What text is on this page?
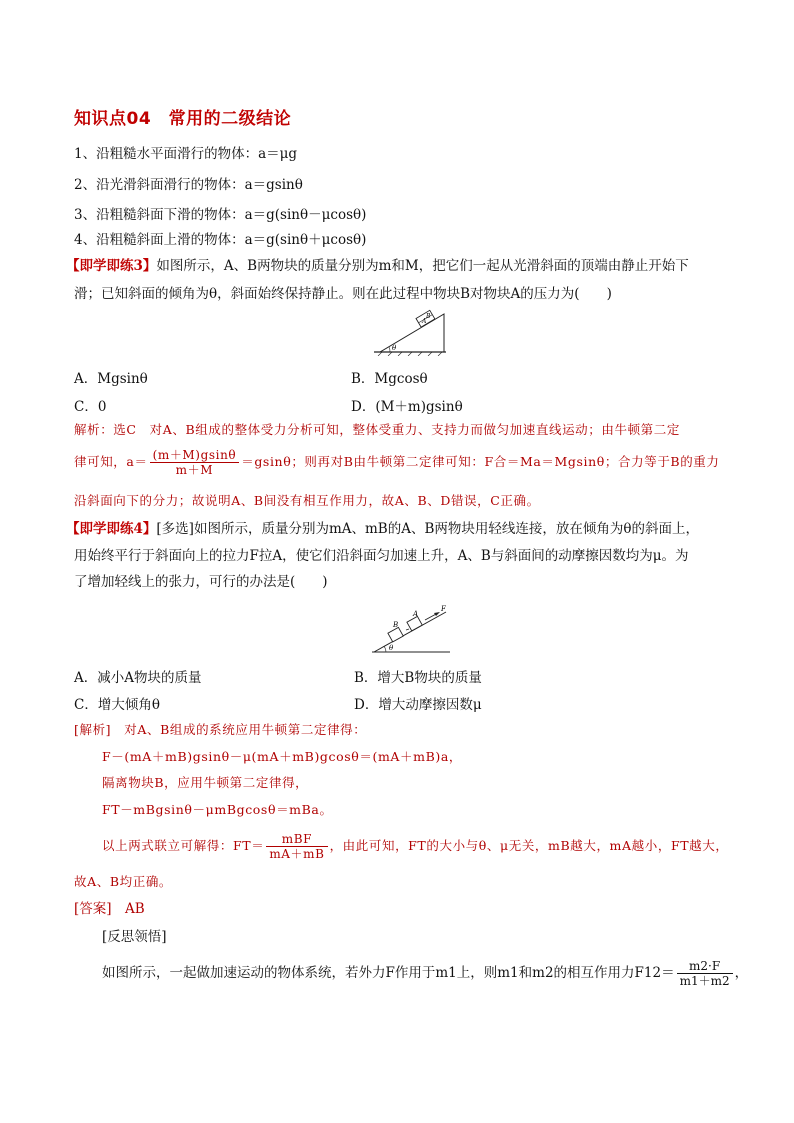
知识点04　常用的二级结论
1、沿粗糙水平面滑行的物体：a＝μg
2、沿光滑斜面滑行的物体：a＝gsinθ
3、沿粗糙斜面下滑的物体：a＝g(sinθ－μcosθ)
4、沿粗糙斜面上滑的物体：a＝g(sinθ＋μcosθ)
【即学即练3】如图所示，A、B两物块的质量分别为m和M，把它们一起从光滑斜面的顶端由静止开始下
滑；已知斜面的倾角为θ，斜面始终保持静止。则在此过程中物块B对物块A的压力为(　　)
A
B
θ
A．Mgsinθ	B．Mgcosθ
C．0	D．(M＋m)gsinθ
解析：选C　对A、B组成的整体受力分析可知，整体受重力、支持力而做匀加速直线运动；由牛顿第二定
律可知，$a= \frac{(m+M)gsin\theta}{m+M} =gsin\theta$；则再对B由牛顿第二定律可知：F合＝Ma＝Mgsinθ；合力等于B的重力
沿斜面向下的分力；故说明A、B间没有相互作用力，故A、B、D错误，C正确。
【即学即练4】[多选]如图所示，质量分别为mA、mB的A、B两物块用轻线连接，放在倾角为θ的斜面上，
用始终平行于斜面向上的拉力F拉A，使它们沿斜面匀加速上升，A、B与斜面间的动摩擦因数均为μ。为
了增加轻线上的张力，可行的办法是(　　)
B
A
F
θ
A．减小A物块的质量	B．增大B物块的质量
C．增大倾角θ	D．增大动摩擦因数μ
[解析]　对A、B组成的系统应用牛顿第二定律得：
F－(mA＋mB)gsinθ－μ(mA＋mB)gcosθ＝(mA＋mB)a，
隔离物块B，应用牛顿第二定律得，
FT－mBgsinθ－μmBgcosθ＝mBa。
以上两式联立可解得：$FT= \frac{\text{mBF}}{mA+mB}$ ，由此可知，FT的大小与θ、μ无关，mB越大，mA越小，FT越大，
故A、B均正确。
[答案]　 AB
[反思领悟]
如图所示，一起做加速运动的物体系统，若外力F作用于m1上，则m1和m2的相互作用力$F12= \frac{m2\cdot F}{m1+m2}$ ，
